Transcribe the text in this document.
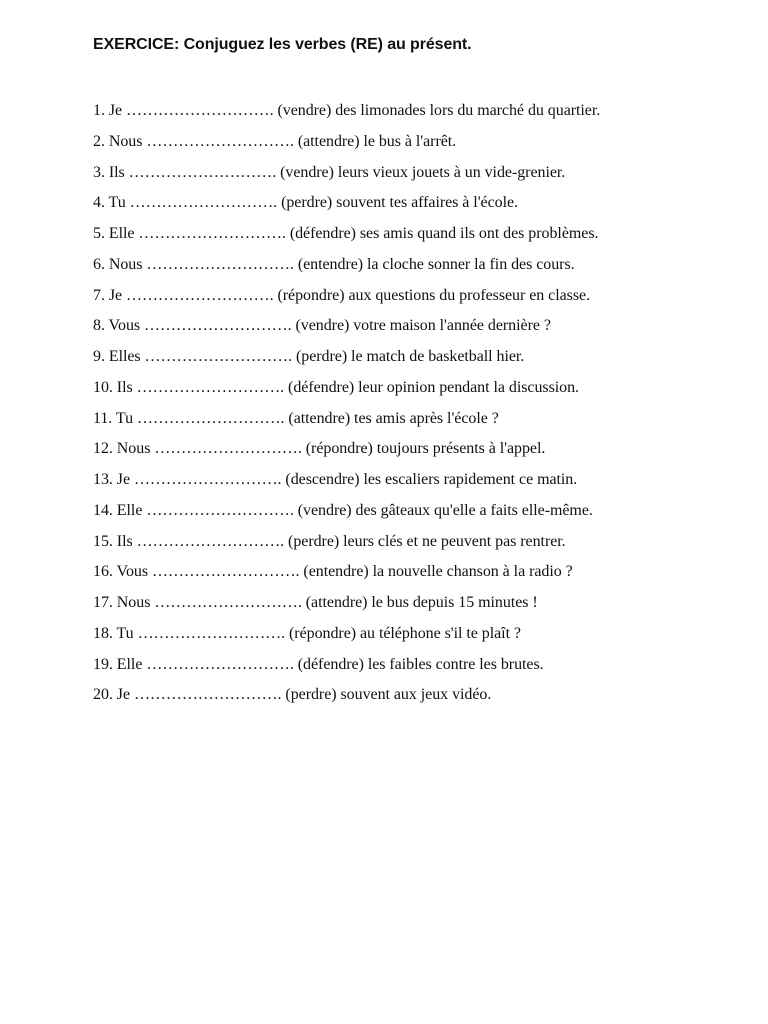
EXERCICE: Conjuguez les verbes (RE) au présent.
1. Je ………………………. (vendre) des limonades lors du marché du quartier.
2. Nous ………………………. (attendre) le bus à l'arrêt.
3. Ils ………………………. (vendre) leurs vieux jouets à un vide-grenier.
4. Tu ………………………. (perdre) souvent tes affaires à l'école.
5. Elle ………………………. (défendre) ses amis quand ils ont des problèmes.
6. Nous ………………………. (entendre) la cloche sonner la fin des cours.
7. Je ………………………. (répondre) aux questions du professeur en classe.
8. Vous ………………………. (vendre) votre maison l'année dernière ?
9. Elles ………………………. (perdre) le match de basketball hier.
10. Ils ………………………. (défendre) leur opinion pendant la discussion.
11. Tu ………………………. (attendre) tes amis après l'école ?
12. Nous ………………………. (répondre) toujours présents à l'appel.
13. Je ………………………. (descendre) les escaliers rapidement ce matin.
14. Elle ………………………. (vendre) des gâteaux qu'elle a faits elle-même.
15. Ils ………………………. (perdre) leurs clés et ne peuvent pas rentrer.
16. Vous ………………………. (entendre) la nouvelle chanson à la radio ?
17. Nous ………………………. (attendre) le bus depuis 15 minutes !
18. Tu ………………………. (répondre) au téléphone s'il te plaît ?
19. Elle ………………………. (défendre) les faibles contre les brutes.
20. Je ………………………. (perdre) souvent aux jeux vidéo.
